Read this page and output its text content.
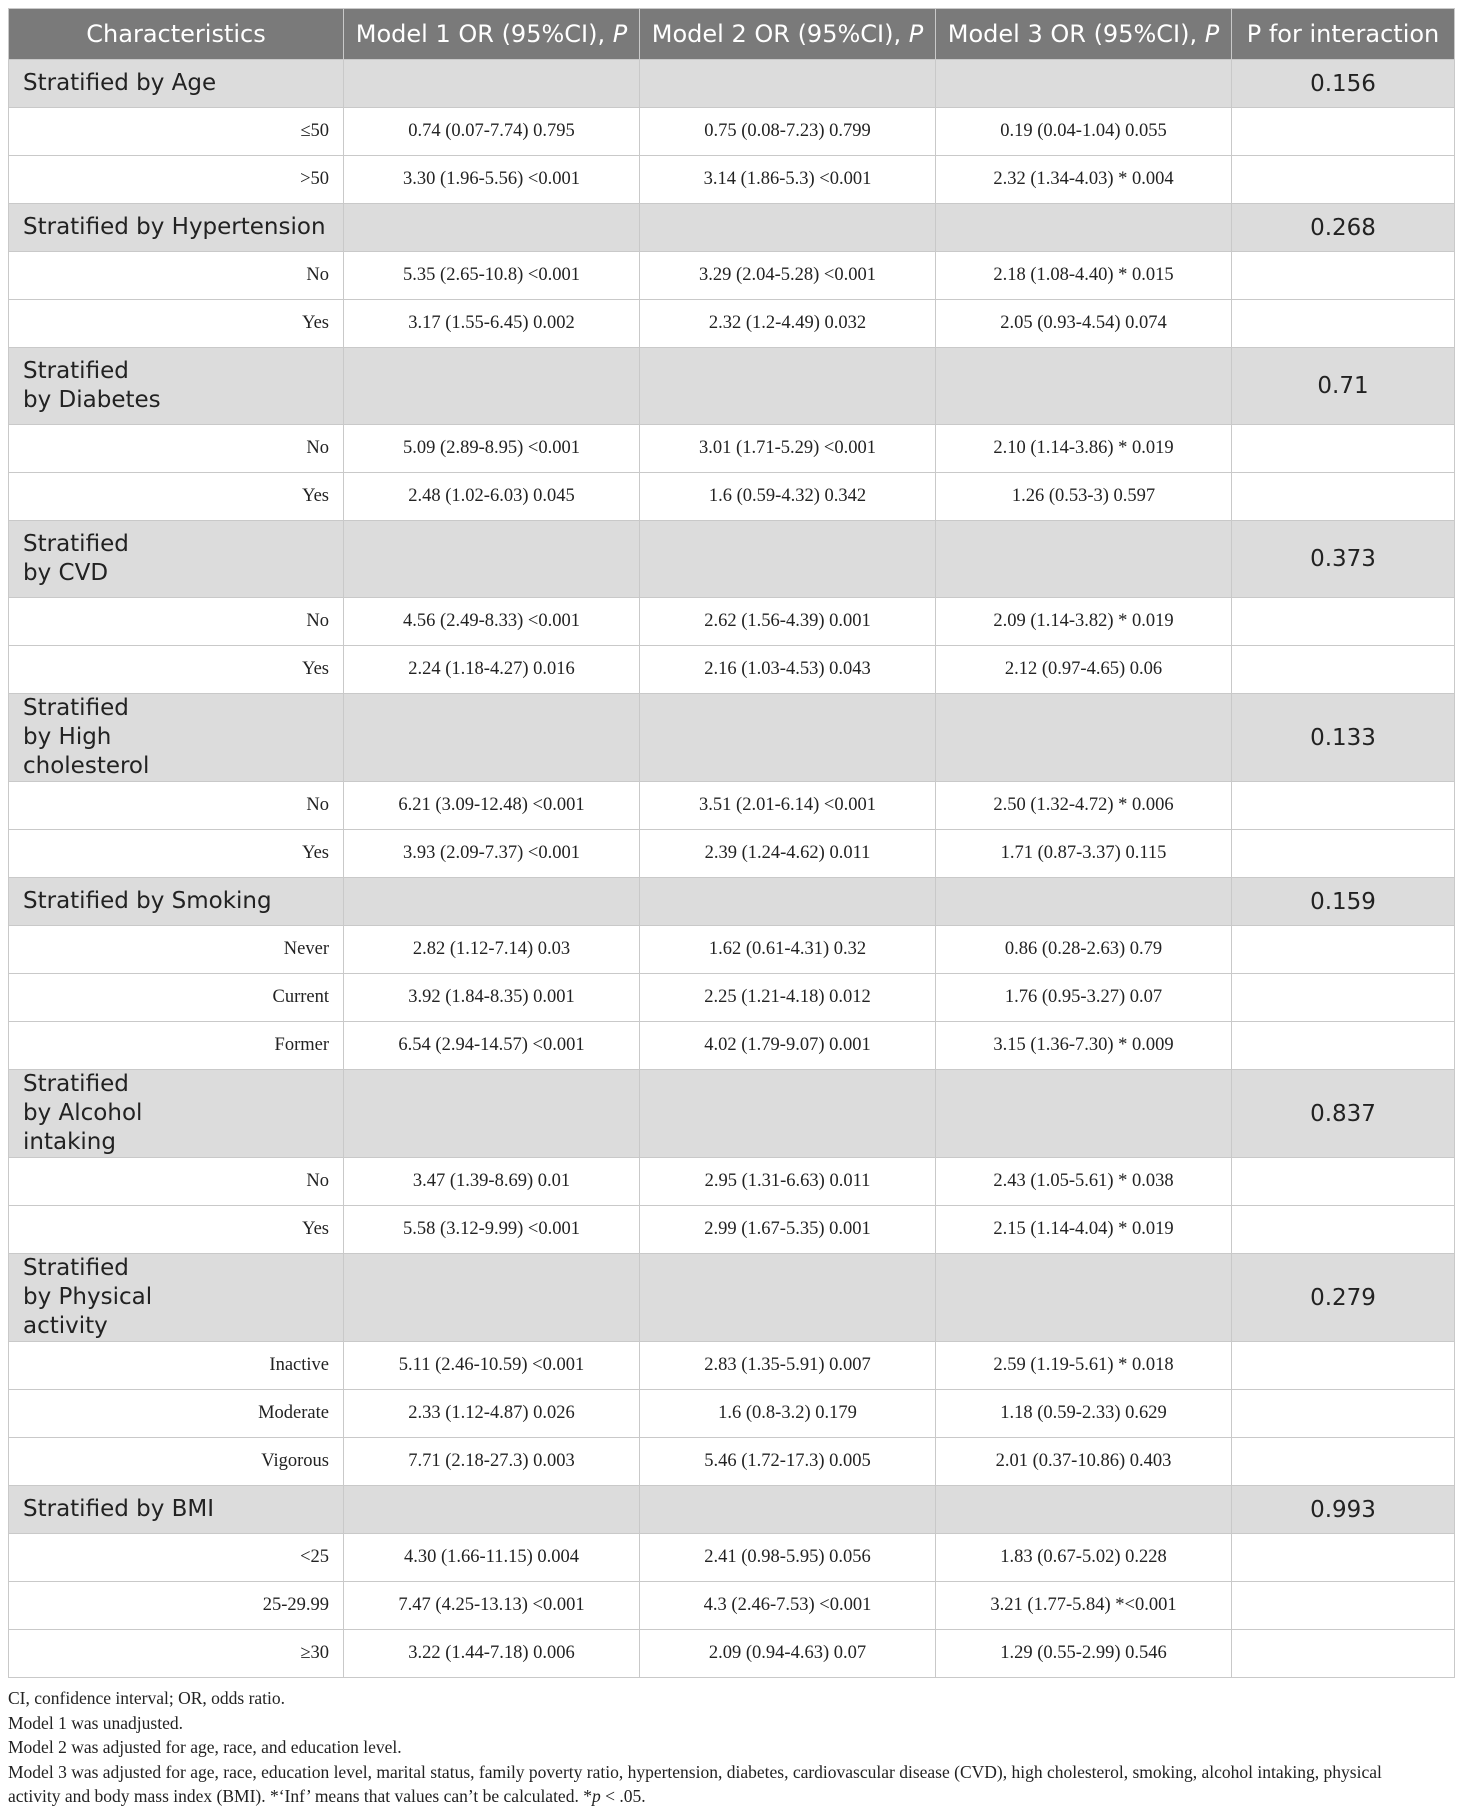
Characteristics	Model 1 OR (95%CI), P	Model 2 OR (95%CI), P	Model 3 OR (95%CI), P	P for interaction
Stratified by Age				0.156
≤50	0.74 (0.07-7.74) 0.795	0.75 (0.08-7.23) 0.799	0.19 (0.04-1.04) 0.055	
>50	3.30 (1.96-5.56) <0.001	3.14 (1.86-5.3) <0.001	2.32 (1.34-4.03) * 0.004	
Stratified by Hypertension				0.268
No	5.35 (2.65-10.8) <0.001	3.29 (2.04-5.28) <0.001	2.18 (1.08-4.40) * 0.015	
Yes	3.17 (1.55-6.45) 0.002	2.32 (1.2-4.49) 0.032	2.05 (0.93-4.54) 0.074	
Stratified by Diabetes				0.71
No	5.09 (2.89-8.95) <0.001	3.01 (1.71-5.29) <0.001	2.10 (1.14-3.86) * 0.019	
Yes	2.48 (1.02-6.03) 0.045	1.6 (0.59-4.32) 0.342	1.26 (0.53-3) 0.597	
Stratified by CVD				0.373
No	4.56 (2.49-8.33) <0.001	2.62 (1.56-4.39) 0.001	2.09 (1.14-3.82) * 0.019	
Yes	2.24 (1.18-4.27) 0.016	2.16 (1.03-4.53) 0.043	2.12 (0.97-4.65) 0.06	
Stratified by High cholesterol				0.133
No	6.21 (3.09-12.48) <0.001	3.51 (2.01-6.14) <0.001	2.50 (1.32-4.72) * 0.006	
Yes	3.93 (2.09-7.37) <0.001	2.39 (1.24-4.62) 0.011	1.71 (0.87-3.37) 0.115	
Stratified by Smoking				0.159
Never	2.82 (1.12-7.14) 0.03	1.62 (0.61-4.31) 0.32	0.86 (0.28-2.63) 0.79	
Current	3.92 (1.84-8.35) 0.001	2.25 (1.21-4.18) 0.012	1.76 (0.95-3.27) 0.07	
Former	6.54 (2.94-14.57) <0.001	4.02 (1.79-9.07) 0.001	3.15 (1.36-7.30) * 0.009	
Stratified by Alcohol intaking				0.837
No	3.47 (1.39-8.69) 0.01	2.95 (1.31-6.63) 0.011	2.43 (1.05-5.61) * 0.038	
Yes	5.58 (3.12-9.99) <0.001	2.99 (1.67-5.35) 0.001	2.15 (1.14-4.04) * 0.019	
Stratified by Physical activity				0.279
Inactive	5.11 (2.46-10.59) <0.001	2.83 (1.35-5.91) 0.007	2.59 (1.19-5.61) * 0.018	
Moderate	2.33 (1.12-4.87) 0.026	1.6 (0.8-3.2) 0.179	1.18 (0.59-2.33) 0.629	
Vigorous	7.71 (2.18-27.3) 0.003	5.46 (1.72-17.3) 0.005	2.01 (0.37-10.86) 0.403	
Stratified by BMI				0.993
<25	4.30 (1.66-11.15) 0.004	2.41 (0.98-5.95) 0.056	1.83 (0.67-5.02) 0.228	
25-29.99	7.47 (4.25-13.13) <0.001	4.3 (2.46-7.53) <0.001	3.21 (1.77-5.84) *<0.001	
≥30	3.22 (1.44-7.18) 0.006	2.09 (0.94-4.63) 0.07	1.29 (0.55-2.99) 0.546	

CI, confidence interval; OR, odds ratio.

Model 1 was unadjusted.

Model 2 was adjusted for age, race, and education level.

Model 3 was adjusted for age, race, education level, marital status, family poverty ratio, hypertension, diabetes, cardiovascular disease (CVD), high cholesterol, smoking, alcohol intaking, physical
activity and body mass index (BMI). *‘Inf’ means that values can’t be calculated. *p < .05.
